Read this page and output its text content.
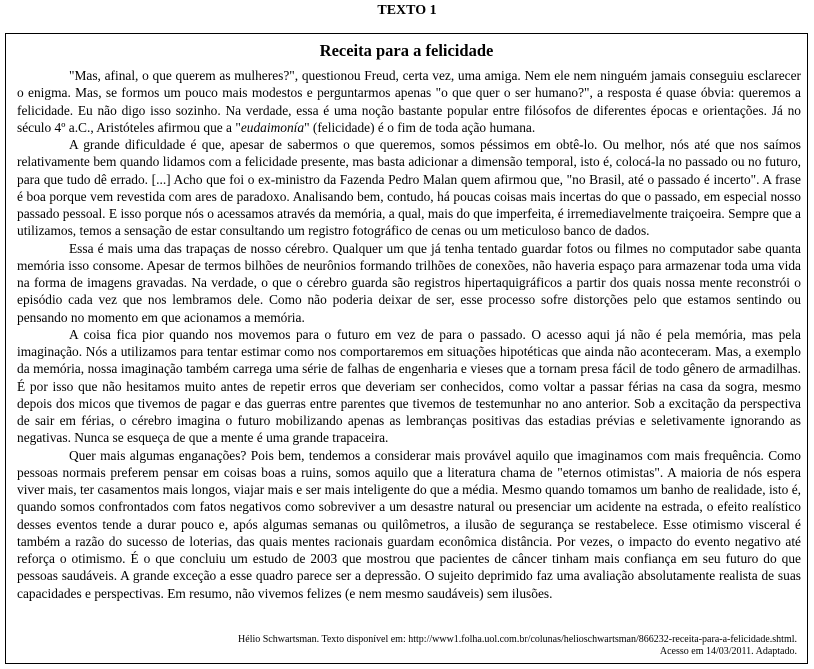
TEXTO 1
Receita para a felicidade

"Mas, afinal, o que querem as mulheres?", questionou Freud, certa vez, uma amiga. Nem ele nem ninguém jamais conseguiu esclarecer o enigma. Mas, se formos um pouco mais modestos e perguntarmos apenas "o que quer o ser humano?", a resposta é quase óbvia: queremos a felicidade. Eu não digo isso sozinho. Na verdade, essa é uma noção bastante popular entre filósofos de diferentes épocas e orientações. Já no século 4º a.C., Aristóteles afirmou que a "eudaimonía" (felicidade) é o fim de toda ação humana.

A grande dificuldade é que, apesar de sabermos o que queremos, somos péssimos em obtê-lo. Ou melhor, nós até que nos saímos relativamente bem quando lidamos com a felicidade presente, mas basta adicionar a dimensão temporal, isto é, colocá-la no passado ou no futuro, para que tudo dê errado. [...] Acho que foi o ex-ministro da Fazenda Pedro Malan quem afirmou que, "no Brasil, até o passado é incerto". A frase é boa porque vem revestida com ares de paradoxo. Analisando bem, contudo, há poucas coisas mais incertas do que o passado, em especial nosso passado pessoal. E isso porque nós o acessamos através da memória, a qual, mais do que imperfeita, é irremediavelmente traiçoeira. Sempre que a utilizamos, temos a sensação de estar consultando um registro fotográfico de cenas ou um meticuloso banco de dados.

Essa é mais uma das trapaças de nosso cérebro. Qualquer um que já tenha tentado guardar fotos ou filmes no computador sabe quanta memória isso consome. Apesar de termos bilhões de neurônios formando trilhões de conexões, não haveria espaço para armazenar toda uma vida na forma de imagens gravadas. Na verdade, o que o cérebro guarda são registros hipertaquigráficos a partir dos quais nossa mente reconstrói o episódio cada vez que nos lembramos dele. Como não poderia deixar de ser, esse processo sofre distorções pelo que estamos sentindo ou pensando no momento em que acionamos a memória.

A coisa fica pior quando nos movemos para o futuro em vez de para o passado. O acesso aqui já não é pela memória, mas pela imaginação. Nós a utilizamos para tentar estimar como nos comportaremos em situações hipotéticas que ainda não aconteceram. Mas, a exemplo da memória, nossa imaginação também carrega uma série de falhas de engenharia e vieses que a tornam presa fácil de todo gênero de armadilhas. É por isso que não hesitamos muito antes de repetir erros que deveriam ser conhecidos, como voltar a passar férias na casa da sogra, mesmo depois dos micos que tivemos de pagar e das guerras entre parentes que tivemos de testemunhar no ano anterior. Sob a excitação da perspectiva de sair em férias, o cérebro imagina o futuro mobilizando apenas as lembranças positivas das estadias prévias e seletivamente ignorando as negativas. Nunca se esqueça de que a mente é uma grande trapaceira.

Quer mais algumas enganações? Pois bem, tendemos a considerar mais provável aquilo que imaginamos com mais frequência. Como pessoas normais preferem pensar em coisas boas a ruins, somos aquilo que a literatura chama de "eternos otimistas". A maioria de nós espera viver mais, ter casamentos mais longos, viajar mais e ser mais inteligente do que a média. Mesmo quando tomamos um banho de realidade, isto é, quando somos confrontados com fatos negativos como sobreviver a um desastre natural ou presenciar um acidente na estrada, o efeito realístico desses eventos tende a durar pouco e, após algumas semanas ou quilômetros, a ilusão de segurança se restabelece. Esse otimismo visceral é também a razão do sucesso de loterias, das quais mentes racionais guardam econômica distância. Por vezes, o impacto do evento negativo até reforça o otimismo. É o que concluiu um estudo de 2003 que mostrou que pacientes de câncer tinham mais confiança em seu futuro do que pessoas saudáveis. A grande exceção a esse quadro parece ser a depressão. O sujeito deprimido faz uma avaliação absolutamente realista de suas capacidades e perspectivas. Em resumo, não vivemos felizes (e nem mesmo saudáveis) sem ilusões.

Hélio Schwartsman. Texto disponível em: http://www1.folha.uol.com.br/colunas/helioschwartsman/866232-receita-para-a-felicidade.shtml.
Acesso em 14/03/2011. Adaptado.
